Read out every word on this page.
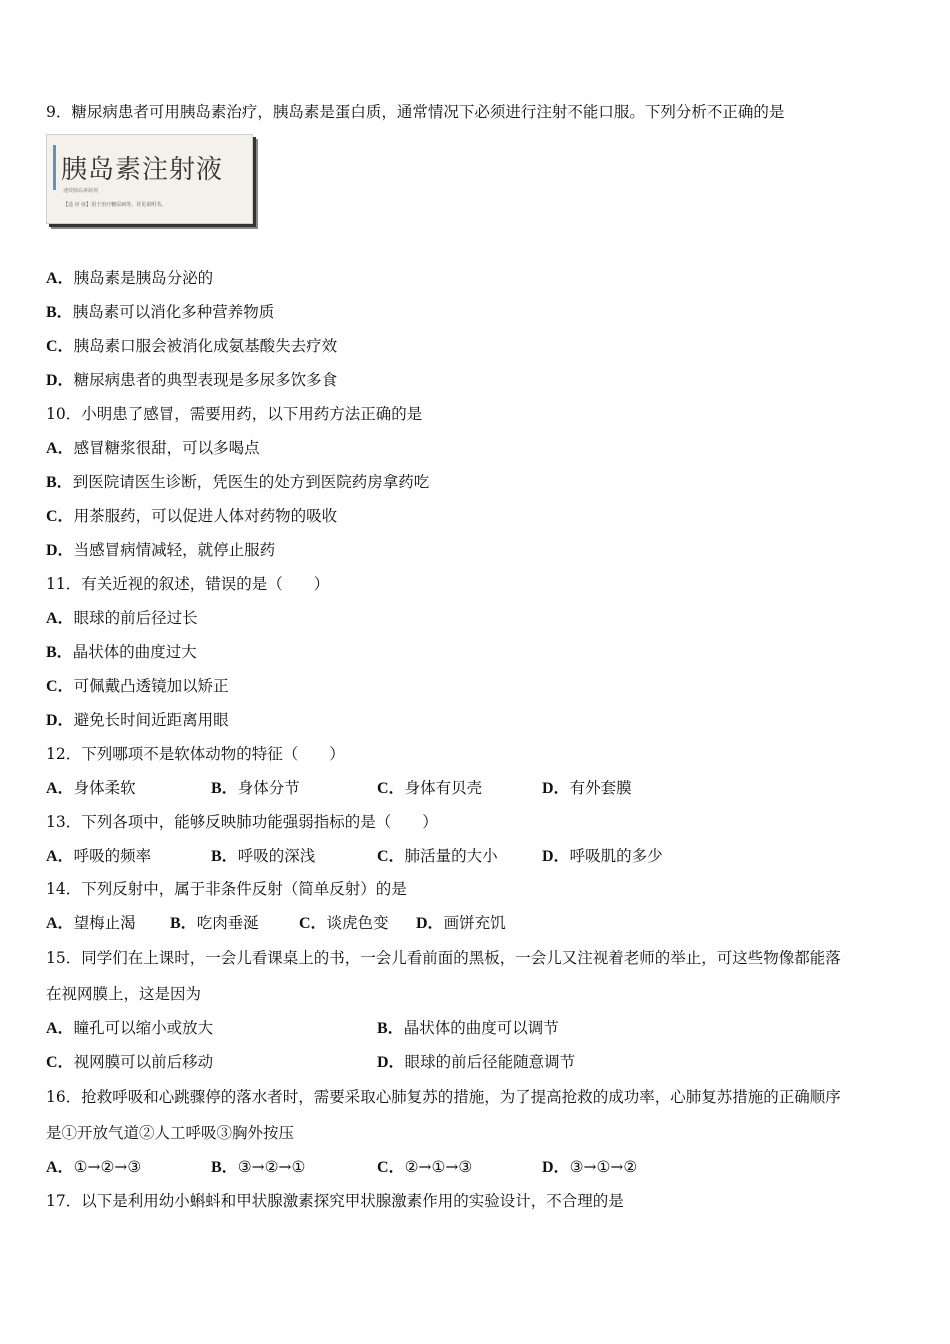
9．糖尿病患者可用胰岛素治疗，胰岛素是蛋白质，通常情况下必须进行注射不能口服。下列分析不正确的是
胰岛素注射液
速效胰岛素制剂
【适 应 症】用于治疗糖尿病等。详见说明书。
A．胰岛素是胰岛分泌的
B．胰岛素可以消化多种营养物质
C．胰岛素口服会被消化成氨基酸失去疗效
D．糖尿病患者的典型表现是多尿多饮多食
10．小明患了感冒，需要用药，以下用药方法正确的是
A．感冒糖浆很甜，可以多喝点
B．到医院请医生诊断，凭医生的处方到医院药房拿药吃
C．用茶服药，可以促进人体对药物的吸收
D．当感冒病情减轻，就停止服药
11．有关近视的叙述，错误的是（　　）
A．眼球的前后径过长
B．晶状体的曲度过大
C．可佩戴凸透镜加以矫正
D．避免长时间近距离用眼
12．下列哪项不是软体动物的特征（　　）
A．身体柔软	B．身体分节	C．身体有贝壳	D．有外套膜
13．下列各项中，能够反映肺功能强弱指标的是（　　）
A．呼吸的频率	B．呼吸的深浅	C．肺活量的大小	D．呼吸肌的多少
14．下列反射中，属于非条件反射（简单反射）的是
A．望梅止渴 B．吃肉垂涎	C．谈虎色变 D．画饼充饥
15．同学们在上课时，一会儿看课桌上的书，一会儿看前面的黑板，一会儿又注视着老师的举止，可这些物像都能落
在视网膜上，这是因为
A．瞳孔可以缩小或放大	B．晶状体的曲度可以调节
C．视网膜可以前后移动	D．眼球的前后径能随意调节
16．抢救呼吸和心跳骤停的落水者时，需要采取心肺复苏的措施，为了提高抢救的成功率，心肺复苏措施的正确顺序
是①开放气道②人工呼吸③胸外按压
A．①→②→③	B．③→②→①	C．②→①→③	D．③→①→②
17．以下是利用幼小蝌蚪和甲状腺激素探究甲状腺激素作用的实验设计，不合理的是
